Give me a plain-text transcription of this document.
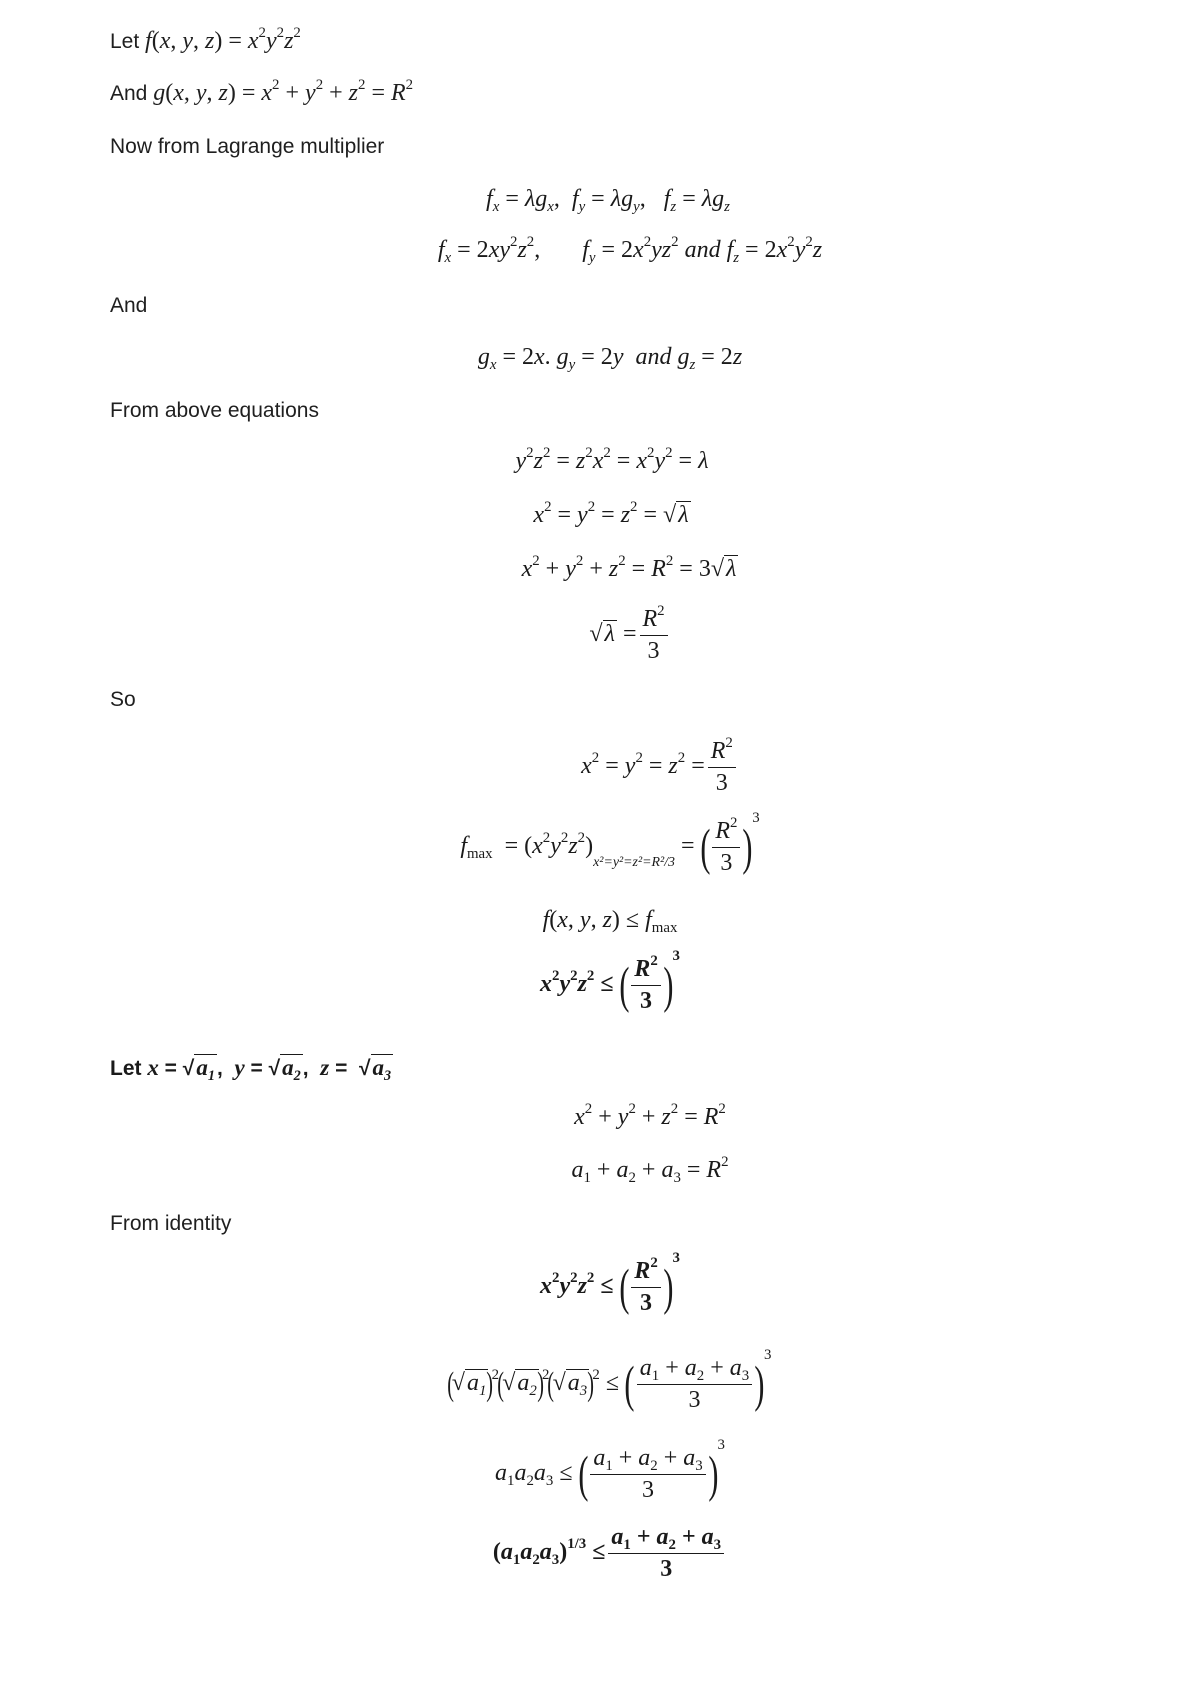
Let f(x, y, $z) = x^2y^2z^2$
And g(x, y, $z) = x^2 + y^2 + z^2 = R^2$
Now from Lagrange multiplier
$f_x = \lambda g_x$,  $f_y = \lambda g_y$,   $f_z = \lambda g_z$
$f_x = 2xy^2z^2$,       $f_y = 2x^2yz^2$ and $f_z = 2x^2y^2z$
And
$g_x = 2x$. $g_y = 2y$ and $g_z = 2z$
From above equations
$y^2z^2 = z^2x^2 = x^2y^2 = \lambda$
$x^2 = y^2 = z^2 = √\lambda$
$x^2 + y^2 + z^2 = R^2 = 3√\lambda$
$√\lambda = \frac{R^2}{3}$
So
$x^2 = y^2 = z^2 = \frac{R^2}{3}$
$f_{max} = (x^2y^2z^2)x^2=y^2=z^2=R^2/3$ = ( $\frac{R^2}{3} )3$
f(x, y, $z) \le f_{max}$
$x^2y^2z^2$ ≤ ( $\frac{R^2}{3} )3$
Let $x = √a_1$,  $y = √a_2$,  $z = √a_3$
$x^2 + y^2 + z^2 = R^2$
$a_1 + a_2 + a_3 = R^2$
From identity
$x^2y^2z^2$ ≤ ( $\frac{R^2}{3} )3$
$(√a_1)^2(√a_2)^2(√a_3)^2$ ≤ ( $\frac{a_1 + a_2 + a_3}{3} )3$
$a_1a_2a_3$ ≤ ( $\frac{a_1 + a_2 + a_3}{3} )3$
$(a_1a_2a_3)^{1/3} \le \frac{a_1 + a_2 + a_3}{3}$
